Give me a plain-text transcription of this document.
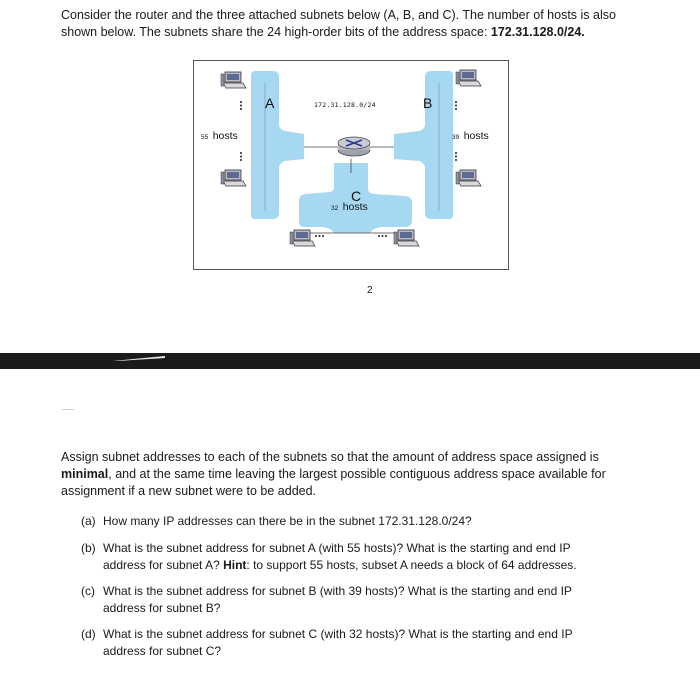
Consider the router and the three attached subnets below (A, B, and C). The number of hosts is also
shown below. The subnets share the 24 high-order bits of the address space: 172.31.128.0/24.
A	B
C
172.31.128.0/24
55 hosts	39 hosts
32 hosts
2
Assign subnet addresses to each of the subnets so that the amount of address space assigned is
minimal, and at the same time leaving the largest possible contiguous address space available for
assignment if a new subnet were to be added.
(a) How many IP addresses can there be in the subnet 172.31.128.0/24?
(b) What is the subnet address for subnet A (with 55 hosts)? What is the starting and end IP
address for subnet A? Hint: to support 55 hosts, subset A needs a block of 64 addresses.
(c) What is the subnet address for subnet B (with 39 hosts)? What is the starting and end IP
address for subnet B?
(d) What is the subnet address for subnet C (with 32 hosts)? What is the starting and end IP
address for subnet C?
